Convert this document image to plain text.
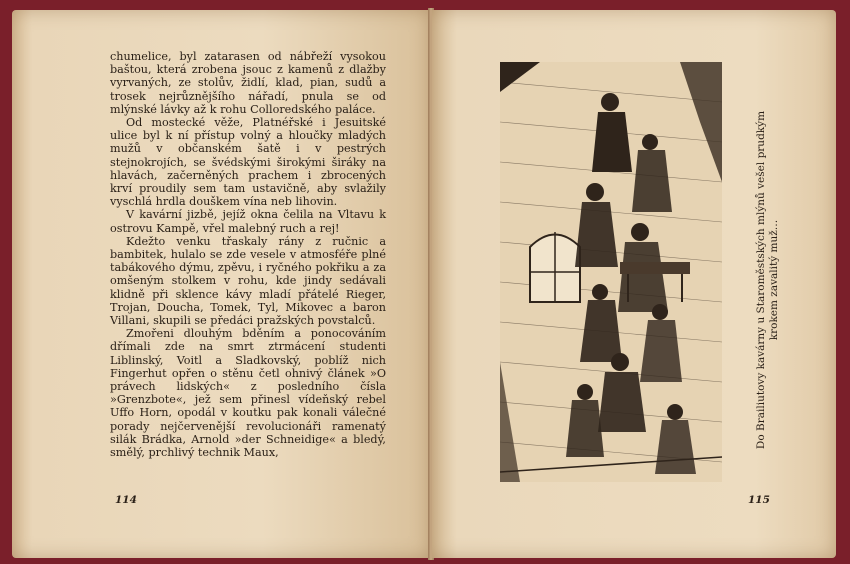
chumelice, byl zatarasen od nábřeží vysokou baštou, která zrobena jsouc z kamenů z dlažby vyrvaných, ze stolův, židlí, klad, pian, sudů a trosek nejrůznějšího nářadí, pnula se od mlýnské lávky až k rohu Colloredského paláce.

Od mostecké věže, Platnéřské i Jesuitské ulice byl k ní přístup volný a hloučky mladých mužů v občanském šatě i v pestrých stejnokrojích, se švédskými širokými širáky na hlavách, začerněných prachem i zbrocených krví proudily sem tam ustavičně, aby svlažily vyschlá hrdla douškem vína neb lihovin.

V kavární jizbě, jejíž okna čelila na Vltavu k ostrovu Kampě, vřel malebný ruch a rej!

Kdežto venku třaskaly rány z ručnic a bambitek, hulalo se zde vesele v atmosféře plné tabákového dýmu, zpěvu, i ryčného pokřiku a za omšeným stolkem v rohu, kde jindy sedávali klidně při sklence kávy mladí přátelé Rieger, Trojan, Doucha, Tomek, Tyl, Mikovec a baron Villani, skupili se předáci pražských povstalců.

Zmořeni dlouhým bděním a ponocováním dřímali zde na smrt ztrmácení studenti Liblinský, Voitl a Sladkovský, poblíž nich Fingerhut opřen o stěnu četl ohnivý článek »O právech lidských« z posledního čísla »Grenzbote«, jež sem přinesl vídeňský rebel Uffo Horn, opodál v koutku pak konali válečné porady nejčervenější revolucionáři ramenatý silák Brádka, Arnold »der Schneidige« a bledý, smělý, prchlivý technik Maux,

114
Do Brailiutovy kavárny u Staroměstských mlýnů vešel prudkým krokem zavalitý muž…
115
